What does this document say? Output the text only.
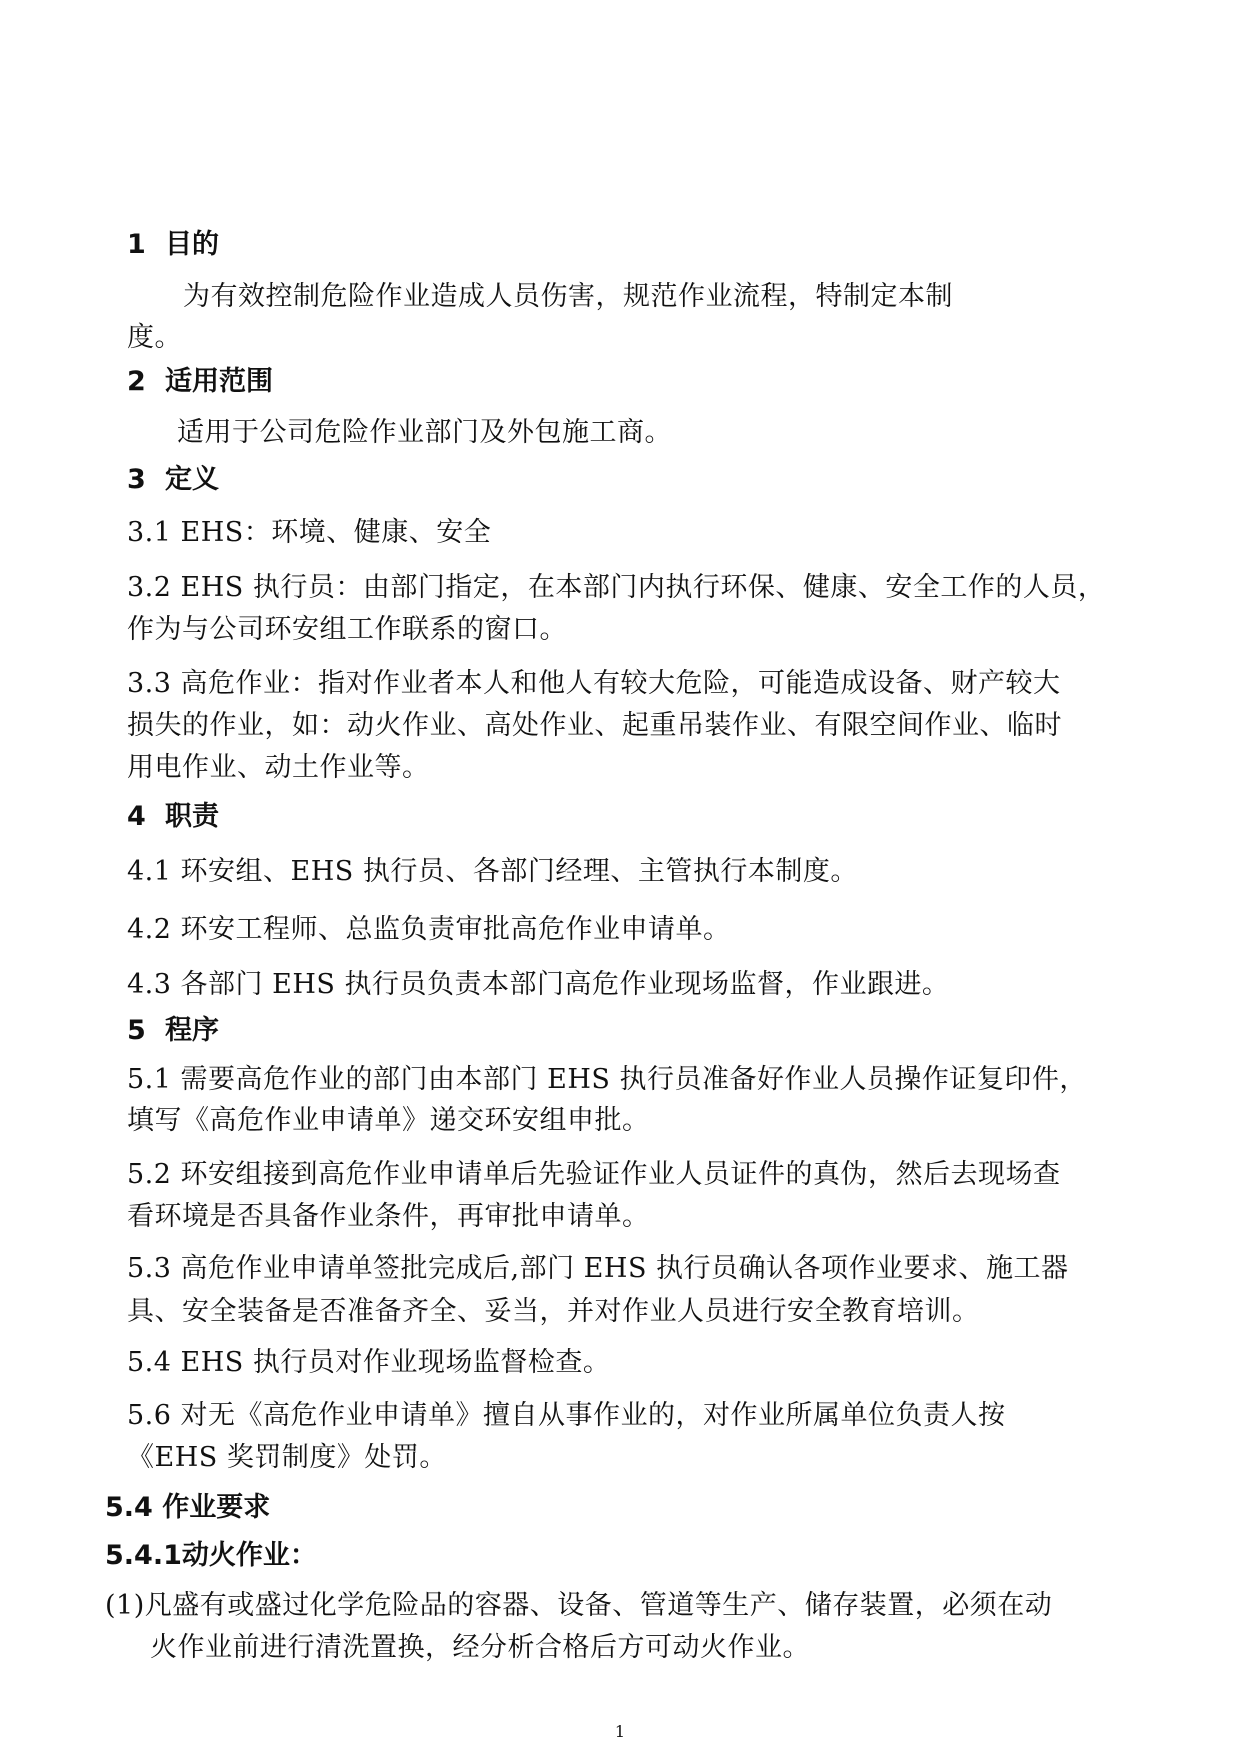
1 目的
为有效控制危险作业造成人员伤害，规范作业流程，特制定本制
度。
2 适用范围
适用于公司危险作业部门及外包施工商。
3 定义
3.1 EHS：环境、健康、安全
3.2 EHS 执行员：由部门指定，在本部门内执行环保、健康、安全工作的人员，
作为与公司环安组工作联系的窗口。
3.3 高危作业：指对作业者本人和他人有较大危险，可能造成设备、财产较大
损失的作业，如：动火作业、高处作业、起重吊装作业、有限空间作业、临时
用电作业、动土作业等。
4 职责
4.1 环安组、EHS 执行员、各部门经理、主管执行本制度。
4.2 环安工程师、总监负责审批高危作业申请单。
4.3 各部门 EHS 执行员负责本部门高危作业现场监督，作业跟进。
5 程序
5.1 需要高危作业的部门由本部门 EHS 执行员准备好作业人员操作证复印件，
填写《高危作业申请单》递交环安组申批。
5.2 环安组接到高危作业申请单后先验证作业人员证件的真伪，然后去现场查
看环境是否具备作业条件，再审批申请单。
5.3 高危作业申请单签批完成后,部门 EHS 执行员确认各项作业要求、施工器
具、安全装备是否准备齐全、妥当，并对作业人员进行安全教育培训。
5.4 EHS 执行员对作业现场监督检查。
5.6 对无《高危作业申请单》擅自从事作业的，对作业所属单位负责人按
《EHS 奖罚制度》处罚。
5.4 作业要求
5.4.1动火作业：
(1)凡盛有或盛过化学危险品的容器、设备、管道等生产、储存装置，必须在动
火作业前进行清洗置换，经分析合格后方可动火作业。
1
